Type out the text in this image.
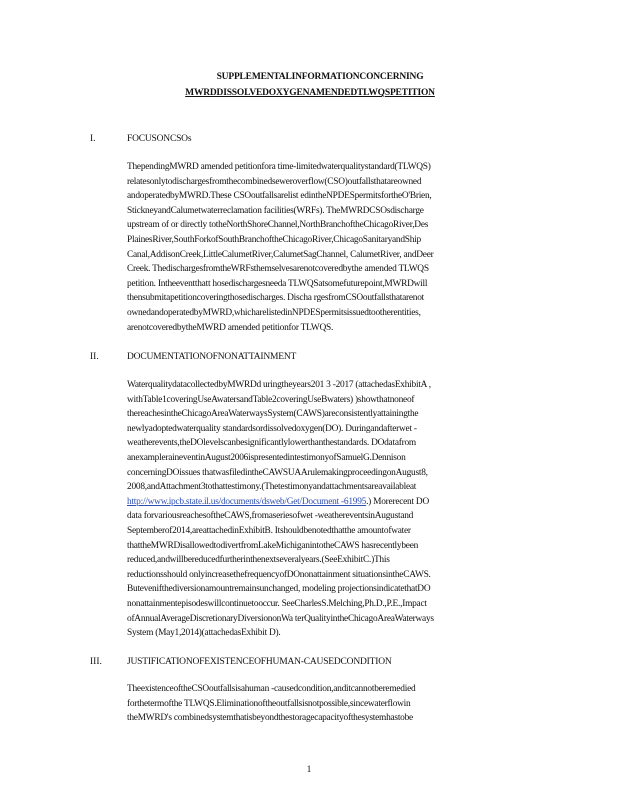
SUPPLEMENTALINFORMATIONCONCERNING
MWRDDISSOLVEDOXYGENAMENDEDTLWQSPETITION
I.	FOCUSONCSOs
ThependingMWRD amended petitionfora time-limitedwaterqualitystandard(TLWQS)
relatesonlytodischargesfromthecombinedseweroverflow(CSO)outfallsthatareowned
andoperatedbyMWRD.These CSOoutfallsarelist edintheNPDESpermitsfortheO'Brien,
StickneyandCalumetwaterreclamation facilities(WRFs). TheMWRDCSOsdischarge
upstream of or directly totheNorthShoreChannel,NorthBranchoftheChicagoRiver,Des
PlainesRiver,SouthForkofSouthBranchoftheChicagoRiver,ChicagoSanitaryandShip
Canal,AddisonCreek,LittleCalumetRiver,CalumetSagChannel, CalumetRiver, andDeer
Creek. ThedischargesfromtheWRFsthemselvesarenotcoveredbythe amended TLWQS
petition. Intheeventthatt hosedischargesneeda TLWQSatsomefuturepoint,MWRDwill
thensubmitapetitioncoveringthosedischarges. Discha rgesfromCSOoutfallsthatarenot
ownedandoperatedbyMWRD,whicharelistedinNPDESpermitsissuedtootherentities,
arenotcoveredbytheMWRD amended petitionfor TLWQS.
II.	DOCUMENTATIONOFNONATTAINMENT
WaterqualitydatacollectedbyMWRDd uringtheyears201 3 -2017 (attachedasExhibitA ,
withTable1coveringUseAwatersandTable2coveringUseBwaters) )showthatnoneof
thereachesintheChicagoAreaWaterwaysSystem(CAWS)areconsistentlyattainingthe
newlyadoptedwaterquality standardsordissolvedoxygen(DO). Duringandafterwet -
weatherevents,theDOlevelscanbesignificantlylowerthanthestandards. DOdatafrom
anexampleraineventinAugust2006ispresentedintestimonyofSamuelG.Dennison
concerningDOissues thatwasfiledintheCAWSUAArulemakingproceedingonAugust8,
2008,andAttachment3tothattestimony.(Thetestimonyandattachmentsareavailableat
http://www.ipcb.state.il.us/documents/dsweb/Get/Document -61995.) Morerecent DO
data forvariousreachesoftheCAWS,fromaseriesofwet -weathereventsinAugustand
Septemberof2014,areattachedinExhibitB. Itshouldbenotedthatthe amountofwater
thattheMWRDisallowedtodivertfromLakeMichiganintotheCAWS hasrecentlybeen
reduced,andwillbereducedfurtherinthenextseveralyears.(SeeExhibitC.)This
reductionsshould onlyincreasethefrequencyofDOnonattainment situationsintheCAWS.
Butevenifthediversionamountremainsunchanged, modeling projectionsindicatethatDO
nonattainmentepisodeswillcontinuetooccur. SeeCharlesS.Melching,Ph.D.,P.E.,Impact
ofAnnualAverageDiscretionaryDiversiononWa terQualityintheChicagoAreaWaterways
System (May1,2014)(attachedasExhibit D).
III.	JUSTIFICATIONOFEXISTENCEOFHUMAN-CAUSEDCONDITION
TheexistenceoftheCSOoutfallsisahuman -causedcondition,anditcannotberemedied
forthetermofthe TLWQS.Eliminationoftheoutfallsisnotpossible,sincewaterflowin
theMWRD's combinedsystemthatisbeyondthestoragecapacityofthesystemhastobe
1
